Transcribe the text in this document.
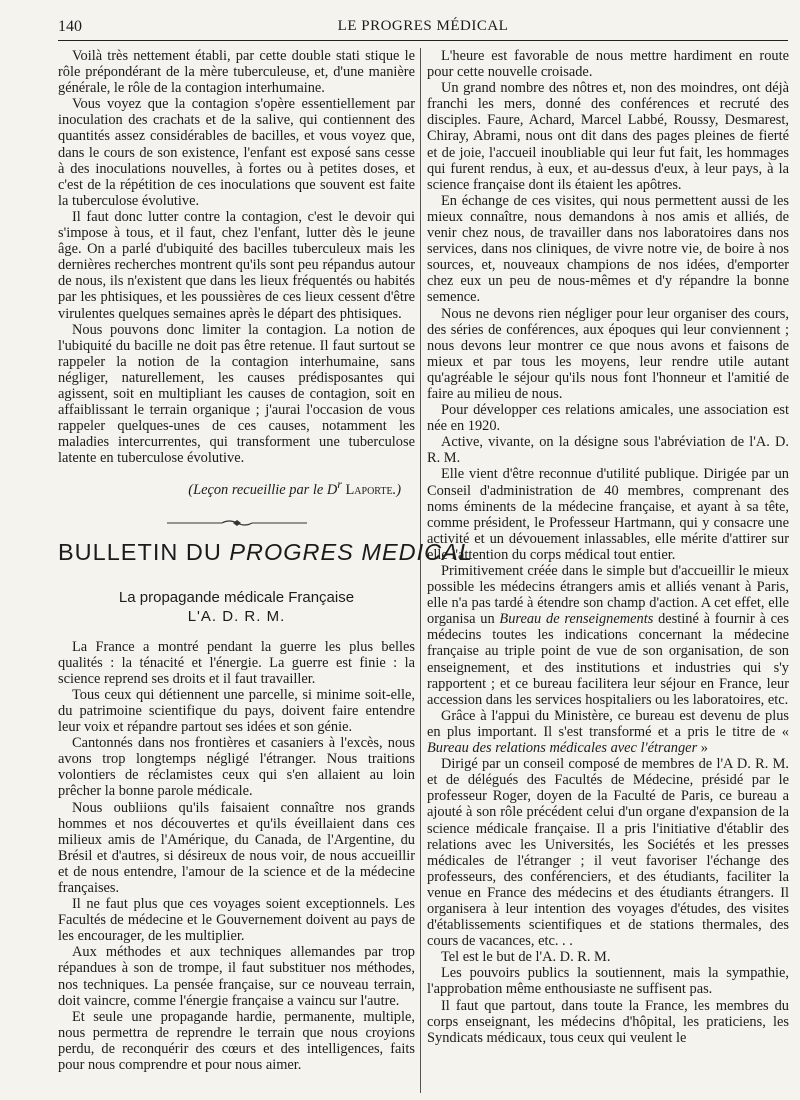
140	LE PROGRES MÉDICAL

Voilà très nettement établi, par cette double stati stique le rôle prépondérant de la mère tuberculeuse, et, d'une manière générale, le rôle de la contagion interhumaine.

Vous voyez que la contagion s'opère essentiellement par inoculation des crachats et de la salive, qui contiennent des quantités assez considérables de bacilles, et vous voyez que, dans le cours de son existence, l'enfant est exposé sans cesse à des inoculations nouvelles, à fortes ou à petites doses, et c'est de la répétition de ces inoculations que souvent est faite la tuberculose évolutive.

Il faut donc lutter contre la contagion, c'est le devoir qui s'impose à tous, et il faut, chez l'enfant, lutter dès le jeune âge. On a parlé d'ubiquité des bacilles tuberculeux mais les dernières recherches montrent qu'ils sont peu répandus autour de nous, ils n'existent que dans les lieux fréquentés ou habités par les phtisiques, et les poussières de ces lieux cessent d'être virulentes quelques semaines après le départ des phtisiques.

Nous pouvons donc limiter la contagion. La notion de l'ubiquité du bacille ne doit pas être retenue. Il faut surtout se rappeler la notion de la contagion interhumaine, sans négliger, naturellement, les causes prédisposantes qui agissent, soit en multipliant les causes de contagion, soit en affaiblissant le terrain organique ; j'aurai l'occasion de vous rappeler quelques-unes de ces causes, notamment les maladies intercurrentes, qui transforment une tuberculose latente en tuberculose évolutive.

(Leçon recueillie par le $D^r$ Laporte.)

BULLETIN DU PROGRES MEDICAL

La propagande médicale Française

L'A. D. R. M.

La France a montré pendant la guerre les plus belles qualités : la ténacité et l'énergie. La guerre est finie : la science reprend ses droits et il faut travailler.

Tous ceux qui détiennent une parcelle, si minime soit-elle, du patrimoine scientifique du pays, doivent faire entendre leur voix et répandre partout ses idées et son génie.

Cantonnés dans nos frontières et casaniers à l'excès, nous avons trop longtemps négligé l'étranger. Nous traitions volontiers de réclamistes ceux qui s'en allaient au loin prêcher la bonne parole médicale.

Nous oubliions qu'ils faisaient connaître nos grands hommes et nos découvertes et qu'ils éveillaient dans ces milieux amis de l'Amérique, du Canada, de l'Argentine, du Brésil et d'autres, si désireux de nous voir, de nous accueillir et de nous entendre, l'amour de la science et de la médecine françaises.

Il ne faut plus que ces voyages soient exceptionnels. Les Facultés de médecine et le Gouvernement doivent au pays de les encourager, de les multiplier.

Aux méthodes et aux techniques allemandes par trop répandues à son de trompe, il faut substituer nos méthodes, nos techniques. La pensée française, sur ce nouveau terrain, doit vaincre, comme l'énergie française a vaincu sur l'autre.

Et seule une propagande hardie, permanente, multiple, nous permettra de reprendre le terrain que nous croyions perdu, de reconquérir des cœurs et des intelligences, faits pour nous comprendre et pour nous aimer.

L'heure est favorable de nous mettre hardiment en route pour cette nouvelle croisade.

Un grand nombre des nôtres et, non des moindres, ont déjà franchi les mers, donné des conférences et recruté des disciples. Faure, Achard, Marcel Labbé, Roussy, Desmarest, Chiray, Abrami, nous ont dit dans des pages pleines de fierté et de joie, l'accueil inoubliable qui leur fut fait, les hommages qui furent rendus, à eux, et au-dessus d'eux, à leur pays, à la science française dont ils étaient les apôtres.

En échange de ces visites, qui nous permettent aussi de les mieux connaître, nous demandons à nos amis et alliés, de venir chez nous, de travailler dans nos laboratoires dans nos services, dans nos cliniques, de vivre notre vie, de boire à nos sources, et, nouveaux champions de nos idées, d'emporter chez eux un peu de nous-mêmes et d'y répandre la bonne semence.

Nous ne devons rien négliger pour leur organiser des cours, des séries de conférences, aux époques qui leur conviennent ; nous devons leur montrer ce que nous avons et faisons de mieux et par tous les moyens, leur rendre utile autant qu'agréable le séjour qu'ils nous font l'honneur et l'amitié de faire au milieu de nous.

Pour développer ces relations amicales, une association est née en 1920.

Active, vivante, on la désigne sous l'abréviation de l'A. D. R. M.

Elle vient d'être reconnue d'utilité publique. Dirigée par un Conseil d'administration de 40 membres, comprenant des noms éminents de la médecine française, et ayant à sa tête, comme président, le Professeur Hartmann, qui y consacre une activité et un dévouement inlassables, elle mérite d'attirer sur elle l'attention du corps médical tout entier.

Primitivement créée dans le simple but d'accueillir le mieux possible les médecins étrangers amis et alliés venant à Paris, elle n'a pas tardé à étendre son champ d'action. A cet effet, elle organisa un Bureau de renseignements destiné à fournir à ces médecins toutes les indications concernant la médecine française au triple point de vue de son organisation, de son enseignement, et des institutions et industries qui s'y rapportent ; et ce bureau facilitera leur séjour en France, leur accession dans les services hospitaliers ou les laboratoires, etc.

Grâce à l'appui du Ministère, ce bureau est devenu de plus en plus important. Il s'est transformé et a pris le titre de « Bureau des relations médicales avec l'étranger »

Dirigé par un conseil composé de membres de l'A D. R. M. et de délégués des Facultés de Médecine, présidé par le professeur Roger, doyen de la Faculté de Paris, ce bureau a ajouté à son rôle précédent celui d'un organe d'expansion de la science médicale française. Il a pris l'initiative d'établir des relations avec les Universités, les Sociétés et les presses médicales de l'étranger ; il veut favoriser l'échange des professeurs, des conférenciers, et des étudiants, faciliter la venue en France des médecins et des étudiants étrangers. Il organisera à leur intention des voyages d'études, des visites d'établissements scientifiques et de stations thermales, des cours de vacances, etc. . .

Tel est le but de l'A. D. R. M.

Les pouvoirs publics la soutiennent, mais la sympathie, l'approbation même enthousiaste ne suffisent pas.

Il faut que partout, dans toute la France, les membres du corps enseignant, les médecins d'hôpital, les praticiens, les Syndicats médicaux, tous ceux qui veulent le
